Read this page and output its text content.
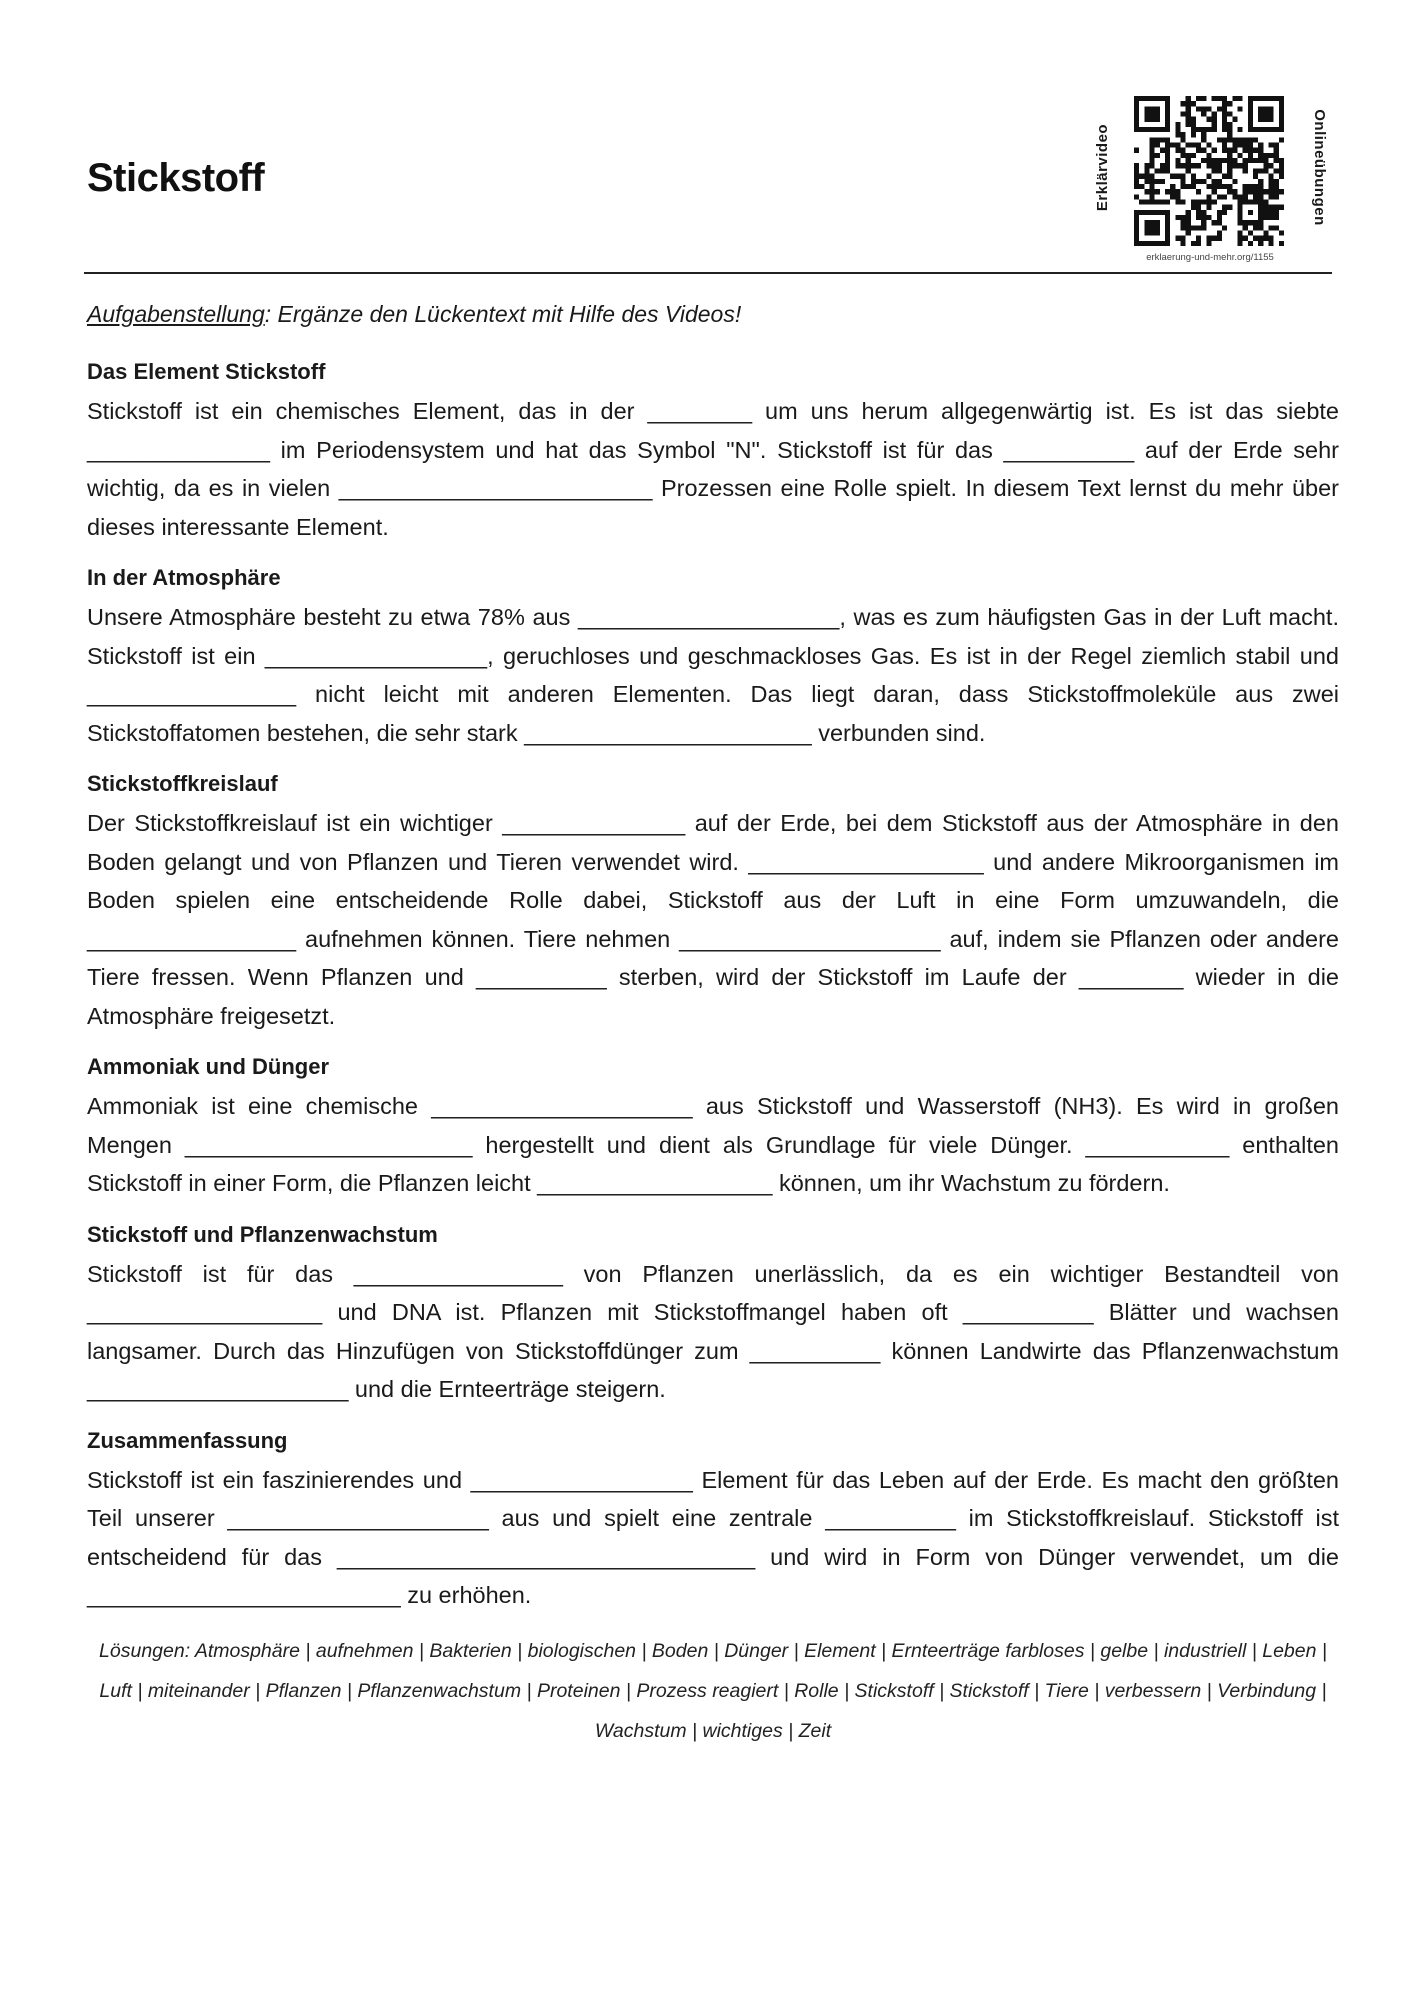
Stickstoff	Erklärvideo	Onlineübungen
erklaerung-und-mehr.org/1155

Aufgabenstellung: Ergänze den Lückentext mit Hilfe des Videos!

Das Element Stickstoff

Stickstoff ist ein chemisches Element, das in der ________ um uns herum allgegenwärtig ist. Es ist das siebte ______________ im Periodensystem und hat das Symbol "N". Stickstoff ist für das __________ auf der Erde sehr wichtig, da es in vielen ________________________ Prozessen eine Rolle spielt. In diesem Text lernst du mehr über dieses interessante Element.

In der Atmosphäre

Unsere Atmosphäre besteht zu etwa 78% aus ____________________, was es zum häufigsten Gas in der Luft macht. Stickstoff ist ein _________________, geruchloses und geschmackloses Gas. Es ist in der Regel ziemlich stabil und ________________ nicht leicht mit anderen Elementen. Das liegt daran, dass Stickstoffmoleküle aus zwei Stickstoffatomen bestehen, die sehr stark ______________________ verbunden sind.

Stickstoffkreislauf

Der Stickstoffkreislauf ist ein wichtiger ______________ auf der Erde, bei dem Stickstoff aus der Atmosphäre in den Boden gelangt und von Pflanzen und Tieren verwendet wird. __________________ und andere Mikroorganismen im Boden spielen eine entscheidende Rolle dabei, Stickstoff aus der Luft in eine Form umzuwandeln, die ________________ aufnehmen können. Tiere nehmen ____________________ auf, indem sie Pflanzen oder andere Tiere fressen. Wenn Pflanzen und __________ sterben, wird der Stickstoff im Laufe der ________ wieder in die Atmosphäre freigesetzt.

Ammoniak und Dünger

Ammoniak ist eine chemische ____________________ aus Stickstoff und Wasserstoff (NH3). Es wird in großen Mengen ______________________ hergestellt und dient als Grundlage für viele Dünger. ___________ enthalten Stickstoff in einer Form, die Pflanzen leicht __________________ können, um ihr Wachstum zu fördern.

Stickstoff und Pflanzenwachstum

Stickstoff ist für das ________________ von Pflanzen unerlässlich, da es ein wichtiger Bestandteil von __________________ und DNA ist. Pflanzen mit Stickstoffmangel haben oft __________ Blätter und wachsen langsamer. Durch das Hinzufügen von Stickstoffdünger zum __________ können Landwirte das Pflanzenwachstum ____________________ und die Ernteerträge steigern.

Zusammenfassung

Stickstoff ist ein faszinierendes und _________________ Element für das Leben auf der Erde. Es macht den größten Teil unserer ____________________ aus und spielt eine zentrale __________ im Stickstoffkreislauf. Stickstoff ist entscheidend für das ________________________________ und wird in Form von Dünger verwendet, um die ________________________ zu erhöhen.

Lösungen: Atmosphäre | aufnehmen | Bakterien | biologischen | Boden | Dünger | Element | Ernteerträge farbloses | gelbe | industriell | Leben | Luft | miteinander | Pflanzen | Pflanzenwachstum | Proteinen | Prozess reagiert | Rolle | Stickstoff | Stickstoff | Tiere | verbessern | Verbindung | Wachstum | wichtiges | Zeit
